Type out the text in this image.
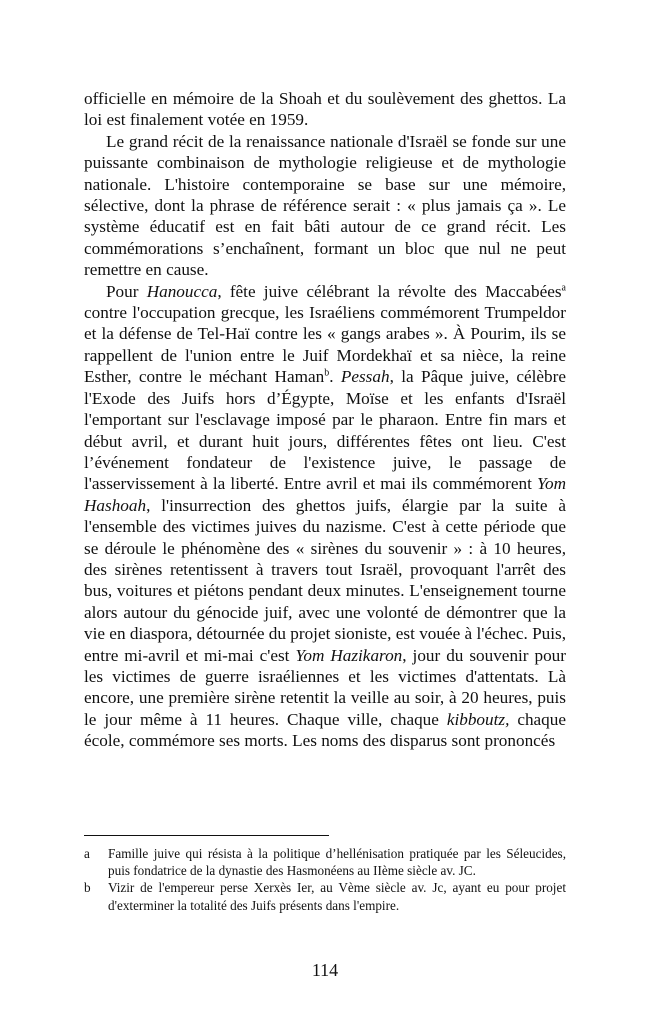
officielle en mémoire de la Shoah et du soulèvement des ghettos. La loi est finalement votée en 1959.

Le grand récit de la renaissance nationale d'Israël se fonde sur une puissante combinaison de mythologie religieuse et de mythologie nationale. L'histoire contemporaine se base sur une mémoire, sélective, dont la phrase de référence serait : « plus jamais ça ». Le système éducatif est en fait bâti autour de ce grand récit. Les commémorations s’enchaînent, formant un bloc que nul ne peut remettre en cause.

Pour Hanoucca, fête juive célébrant la révolte des Maccabées$^a$ contre l'occupation grecque, les Israéliens commémorent Trumpeldor et la défense de Tel-Haï contre les « gangs arabes ». À Pourim, ils se rappellent de l'union entre le Juif Mordekhaï et sa nièce, la reine Esther, contre le méchant Haman$^b$. Pessah, la Pâque juive, célèbre l'Exode des Juifs hors d’Égypte, Moïse et les enfants d'Israël l'emportant sur l'esclavage imposé par le pharaon. Entre fin mars et début avril, et durant huit jours, différentes fêtes ont lieu. C'est l’événement fondateur de l'existence juive, le passage de l'asservissement à la liberté. Entre avril et mai ils commémorent Yom Hashoah, l'insurrection des ghettos juifs, élargie par la suite à l'ensemble des victimes juives du nazisme. C'est à cette période que se déroule le phénomène des « sirènes du souvenir » : à 10 heures, des sirènes retentissent à travers tout Israël, provoquant l'arrêt des bus, voitures et piétons pendant deux minutes. L'enseignement tourne alors autour du génocide juif, avec une volonté de démontrer que la vie en diaspora, détournée du projet sioniste, est vouée à l'échec. Puis, entre mi-avril et mi-mai c'est Yom Hazikaron, jour du souvenir pour les victimes de guerre israéliennes et les victimes d'attentats. Là encore, une première sirène retentit la veille au soir, à 20 heures, puis le jour même à 11 heures. Chaque ville, chaque kibboutz, chaque école, commémore ses morts. Les noms des disparus sont prononcés

a	Famille juive qui résista à la politique d’hellénisation pratiquée par les Séleucides, puis fondatrice de la dynastie des Hasmonéens au IIème siècle av. JC.
b	Vizir de l'empereur perse Xerxès Ier, au Vème siècle av. Jc, ayant eu pour projet d'exterminer la totalité des Juifs présents dans l'empire.
114
